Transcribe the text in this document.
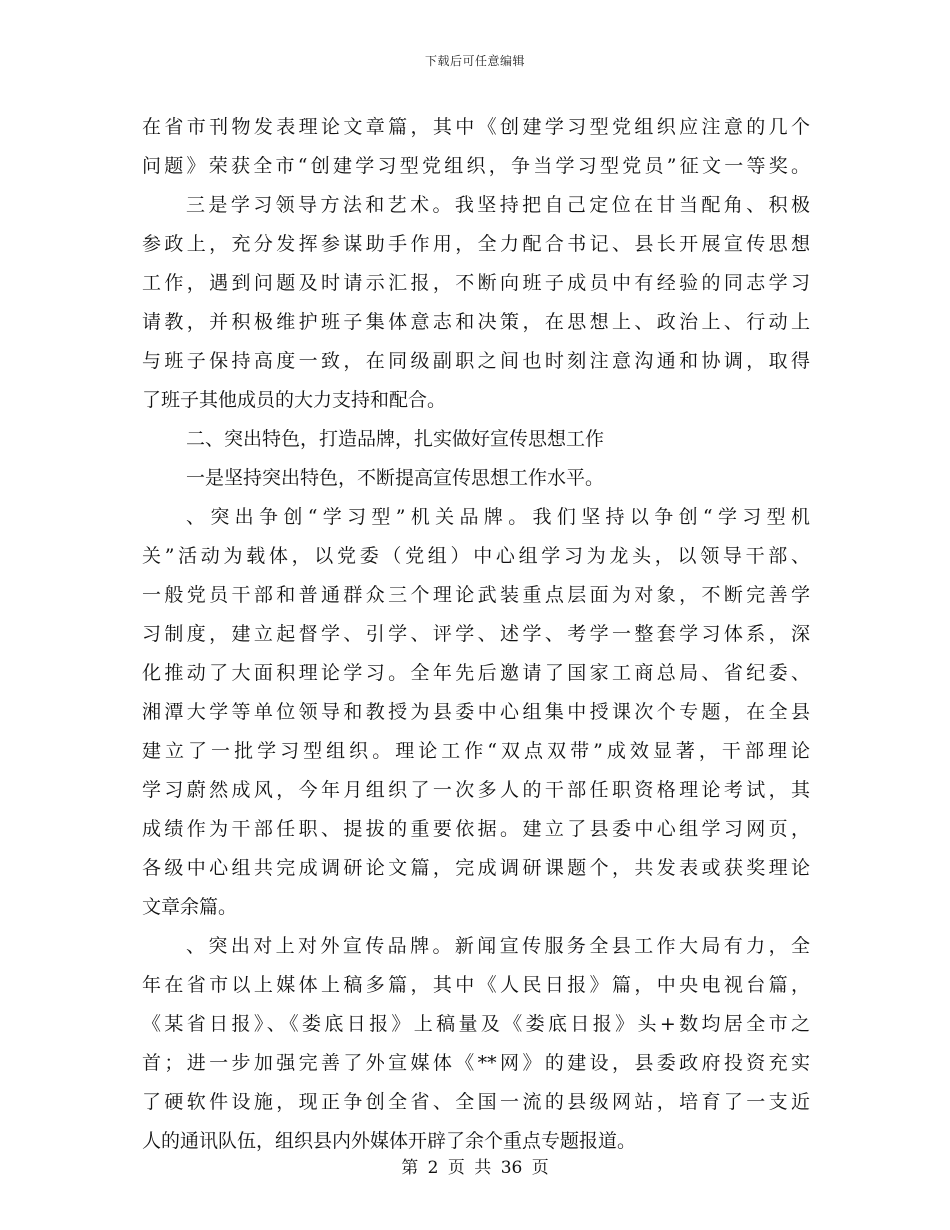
下载后可任意编辑
在省市刊物发表理论文章篇，其中《创建学习型党组织应注意的几个
问题》荣获全市“创建学习型党组织，争当学习型党员”征文一等奖。
三是学习领导方法和艺术。我坚持把自己定位在甘当配角、积极
参政上，充分发挥参谋助手作用，全力配合书记、县长开展宣传思想
工作，遇到问题及时请示汇报，不断向班子成员中有经验的同志学习
请教，并积极维护班子集体意志和决策，在思想上、政治上、行动上
与班子保持高度一致，在同级副职之间也时刻注意沟通和协调，取得
了班子其他成员的大力支持和配合。
二、突出特色，打造品牌，扎实做好宣传思想工作
一是坚持突出特色，不断提高宣传思想工作水平。
、突出争创“学习型”机关品牌。我们坚持以争创“学习型机
关”活动为载体，以党委（党组）中心组学习为龙头，以领导干部、
一般党员干部和普通群众三个理论武装重点层面为对象，不断完善学
习制度，建立起督学、引学、评学、述学、考学一整套学习体系，深
化推动了大面积理论学习。全年先后邀请了国家工商总局、省纪委、
湘潭大学等单位领导和教授为县委中心组集中授课次个专题，在全县
建立了一批学习型组织。理论工作“双点双带”成效显著，干部理论
学习蔚然成风，今年月组织了一次多人的干部任职资格理论考试，其
成绩作为干部任职、提拔的重要依据。建立了县委中心组学习网页，
各级中心组共完成调研论文篇，完成调研课题个，共发表或获奖理论
文章余篇。
、突出对上对外宣传品牌。新闻宣传服务全县工作大局有力，全
年在省市以上媒体上稿多篇，其中《人民日报》篇，中央电视台篇，
《某省日报》、《娄底日报》上稿量及《娄底日报》头+数均居全市之
首；进一步加强完善了外宣媒体《**网》的建设，县委政府投资充实
了硬软件设施，现正争创全省、全国一流的县级网站，培育了一支近
人的通讯队伍，组织县内外媒体开辟了余个重点专题报道。
第 2 页 共 36 页
